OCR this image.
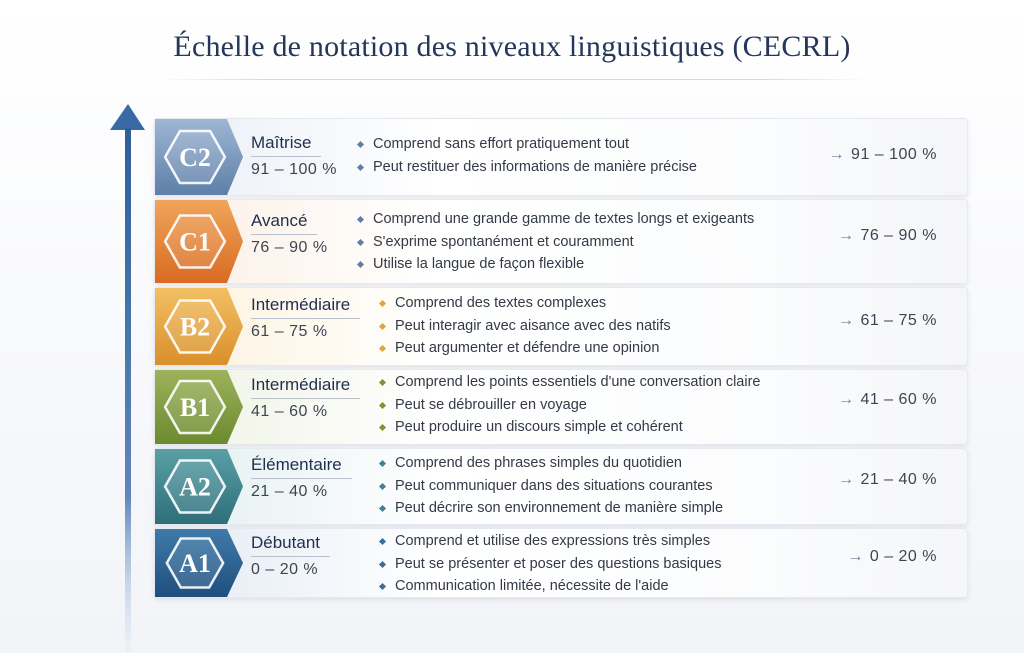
Échelle de notation des niveaux linguistiques (CECRL)
C2
Maîtrise

91 – 100 %
Comprend sans effort pratiquement tout
Peut restituer des informations de manière précise
→ 91 – 100 %
C1
Avancé

76 – 90 %
Comprend une grande gamme de textes longs et exigeants
S'exprime spontanément et couramment
Utilise la langue de façon flexible
→ 76 – 90 %
B2
Intermédiaire

61 – 75 %
Comprend des textes complexes
Peut interagir avec aisance avec des natifs
Peut argumenter et défendre une opinion
→ 61 – 75 %
B1
Intermédiaire

41 – 60 %
Comprend les points essentiels d'une conversation claire
Peut se débrouiller en voyage
Peut produire un discours simple et cohérent
→ 41 – 60 %
A2
Élémentaire

21 – 40 %
Comprend des phrases simples du quotidien
Peut communiquer dans des situations courantes
Peut décrire son environnement de manière simple
→ 21 – 40 %
A1
Débutant

0 – 20 %
Comprend et utilise des expressions très simples
Peut se présenter et poser des questions basiques
Communication limitée, nécessite de l'aide
→ 0 – 20 %
